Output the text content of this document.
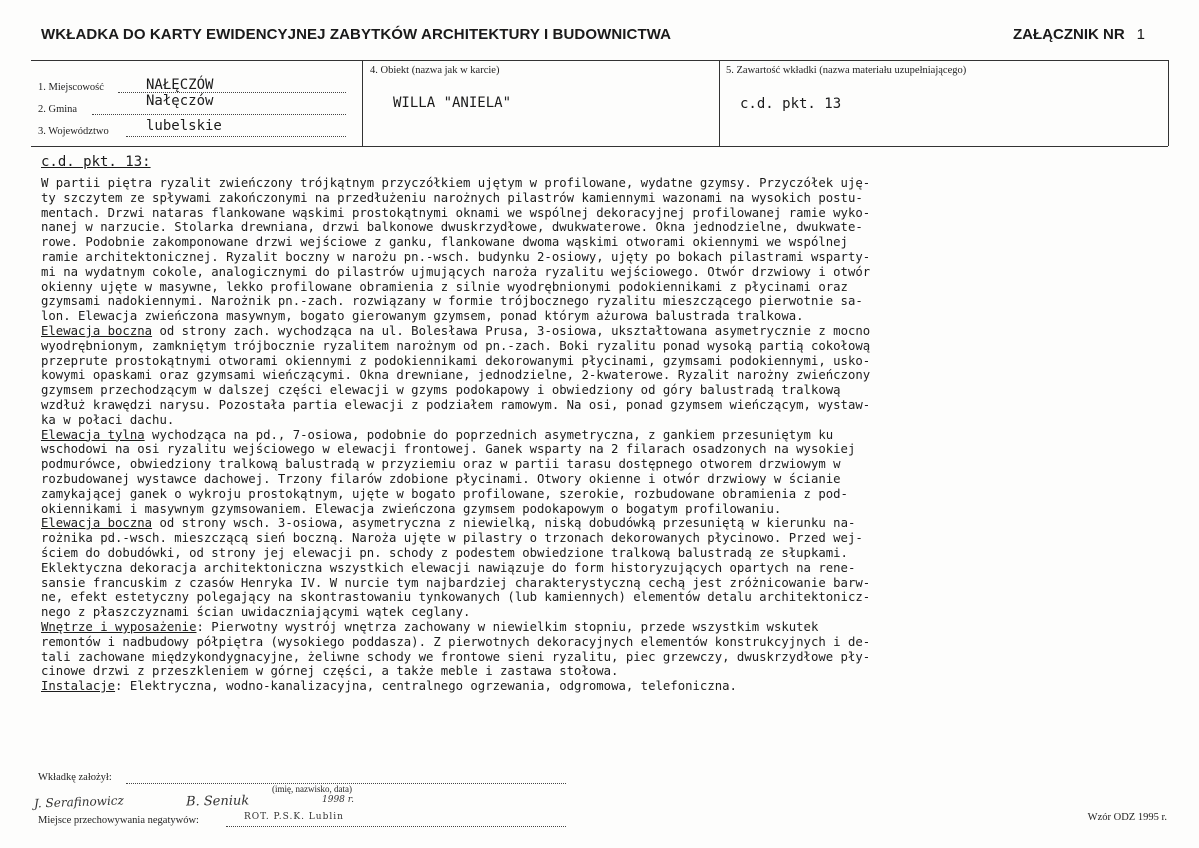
WKŁADKA DO KARTY EWIDENCYJNEJ ZABYTKÓW ARCHITEKTURY I BUDOWNICTWA	ZAŁĄCZNIK NR 1
1. Miejscowość	NAŁĘCZÓW
2. Gmina
Nałęczów
3. Województwo	lubelskie
4. Obiekt (nazwa jak w karcie)
WILLA "ANIELA"
5. Zawartość wkładki (nazwa materiału uzupełniającego)
c.d. pkt. 13
c.d. pkt. 13:
W partii piętra ryzalit zwieńczony trójkątnym przyczółkiem ujętym w profilowane, wydatne gzymsy. Przyczółek uję-
ty szczytem ze spływami zakończonymi na przedłużeniu narożnych pilastrów kamiennymi wazonami na wysokich postu-
mentach. Drzwi nataras flankowane wąskimi prostokątnymi oknami we wspólnej dekoracyjnej profilowanej ramie wyko-
nanej w narzucie. Stolarka drewniana, drzwi balkonowe dwuskrzydłowe, dwukwaterowe. Okna jednodzielne, dwukwate-
rowe. Podobnie zakomponowane drzwi wejściowe z ganku, flankowane dwoma wąskimi otworami okiennymi we wspólnej
ramie architektonicznej. Ryzalit boczny w narożu pn.-wsch. budynku 2-osiowy, ujęty po bokach pilastrami wsparty-
mi na wydatnym cokole, analogicznymi do pilastrów ujmujących naroża ryzalitu wejściowego. Otwór drzwiowy i otwór
okienny ujęte w masywne, lekko profilowane obramienia z silnie wyodrębnionymi podokiennikami z płycinami oraz
gzymsami nadokiennymi. Narożnik pn.-zach. rozwiązany w formie trójbocznego ryzalitu mieszczącego pierwotnie sa-
lon. Elewacja zwieńczona masywnym, bogato gierowanym gzymsem, ponad którym ażurowa balustrada tralkowa.
Elewacja boczna od strony zach. wychodząca na ul. Bolesława Prusa, 3-osiowa, ukształtowana asymetrycznie z mocno
wyodrębnionym, zamkniętym trójbocznie ryzalitem narożnym od pn.-zach. Boki ryzalitu ponad wysoką partią cokołową
przeprute prostokątnymi otworami okiennymi z podokiennikami dekorowanymi płycinami, gzymsami podokiennymi, usko-
kowymi opaskami oraz gzymsami wieńczącymi. Okna drewniane, jednodzielne, 2-kwaterowe. Ryzalit narożny zwieńczony
gzymsem przechodzącym w dalszej części elewacji w gzyms podokapowy i obwiedziony od góry balustradą tralkową
wzdłuż krawędzi narysu. Pozostała partia elewacji z podziałem ramowym. Na osi, ponad gzymsem wieńczącym, wystaw-
ka w połaci dachu.
Elewacja tylna wychodząca na pd., 7-osiowa, podobnie do poprzednich asymetryczna, z gankiem przesuniętym ku
wschodowi na osi ryzalitu wejściowego w elewacji frontowej. Ganek wsparty na 2 filarach osadzonych na wysokiej
podmurówce, obwiedziony tralkową balustradą w przyziemiu oraz w partii tarasu dostępnego otworem drzwiowym w
rozbudowanej wystawce dachowej. Trzony filarów zdobione płycinami. Otwory okienne i otwór drzwiowy w ścianie
zamykającej ganek o wykroju prostokątnym, ujęte w bogato profilowane, szerokie, rozbudowane obramienia z pod-
okiennikami i masywnym gzymsowaniem. Elewacja zwieńczona gzymsem podokapowym o bogatym profilowaniu.
Elewacja boczna od strony wsch. 3-osiowa, asymetryczna z niewielką, niską dobudówką przesuniętą w kierunku na-
rożnika pd.-wsch. mieszczącą sień boczną. Naroża ujęte w pilastry o trzonach dekorowanych płycinowo. Przed wej-
ściem do dobudówki, od strony jej elewacji pn. schody z podestem obwiedzione tralkową balustradą ze słupkami.
Eklektyczna dekoracja architektoniczna wszystkich elewacji nawiązuje do form historyzujących opartych na rene-
sansie francuskim z czasów Henryka IV. W nurcie tym najbardziej charakterystyczną cechą jest zróżnicowanie barw-
ne, efekt estetyczny polegający na skontrastowaniu tynkowanych (lub kamiennych) elementów detalu architektonicz-
nego z płaszczyznami ścian uwidaczniającymi wątek ceglany.
Wnętrze i wyposażenie: Pierwotny wystrój wnętrza zachowany w niewielkim stopniu, przede wszystkim wskutek
remontów i nadbudowy półpiętra (wysokiego poddasza). Z pierwotnych dekoracyjnych elementów konstrukcyjnych i de-
tali zachowane międzykondygnacyjne, żeliwne schody we frontowe sieni ryzalitu, piec grzewczy, dwuskrzydłowe pły-
cinowe drzwi z przeszkleniem w górnej części, a także meble i zastawa stołowa.
Instalacje: Elektryczna, wodno-kanalizacyjna, centralnego ogrzewania, odgromowa, telefoniczna.
Wkładkę założył:
(imię, nazwisko, data)
J. Serafinowicz	B. Seniuk	1998 r.
Miejsce przechowywania negatywów:	ROT. P.S.K. Lublin	Wzór ODZ 1995 r.
